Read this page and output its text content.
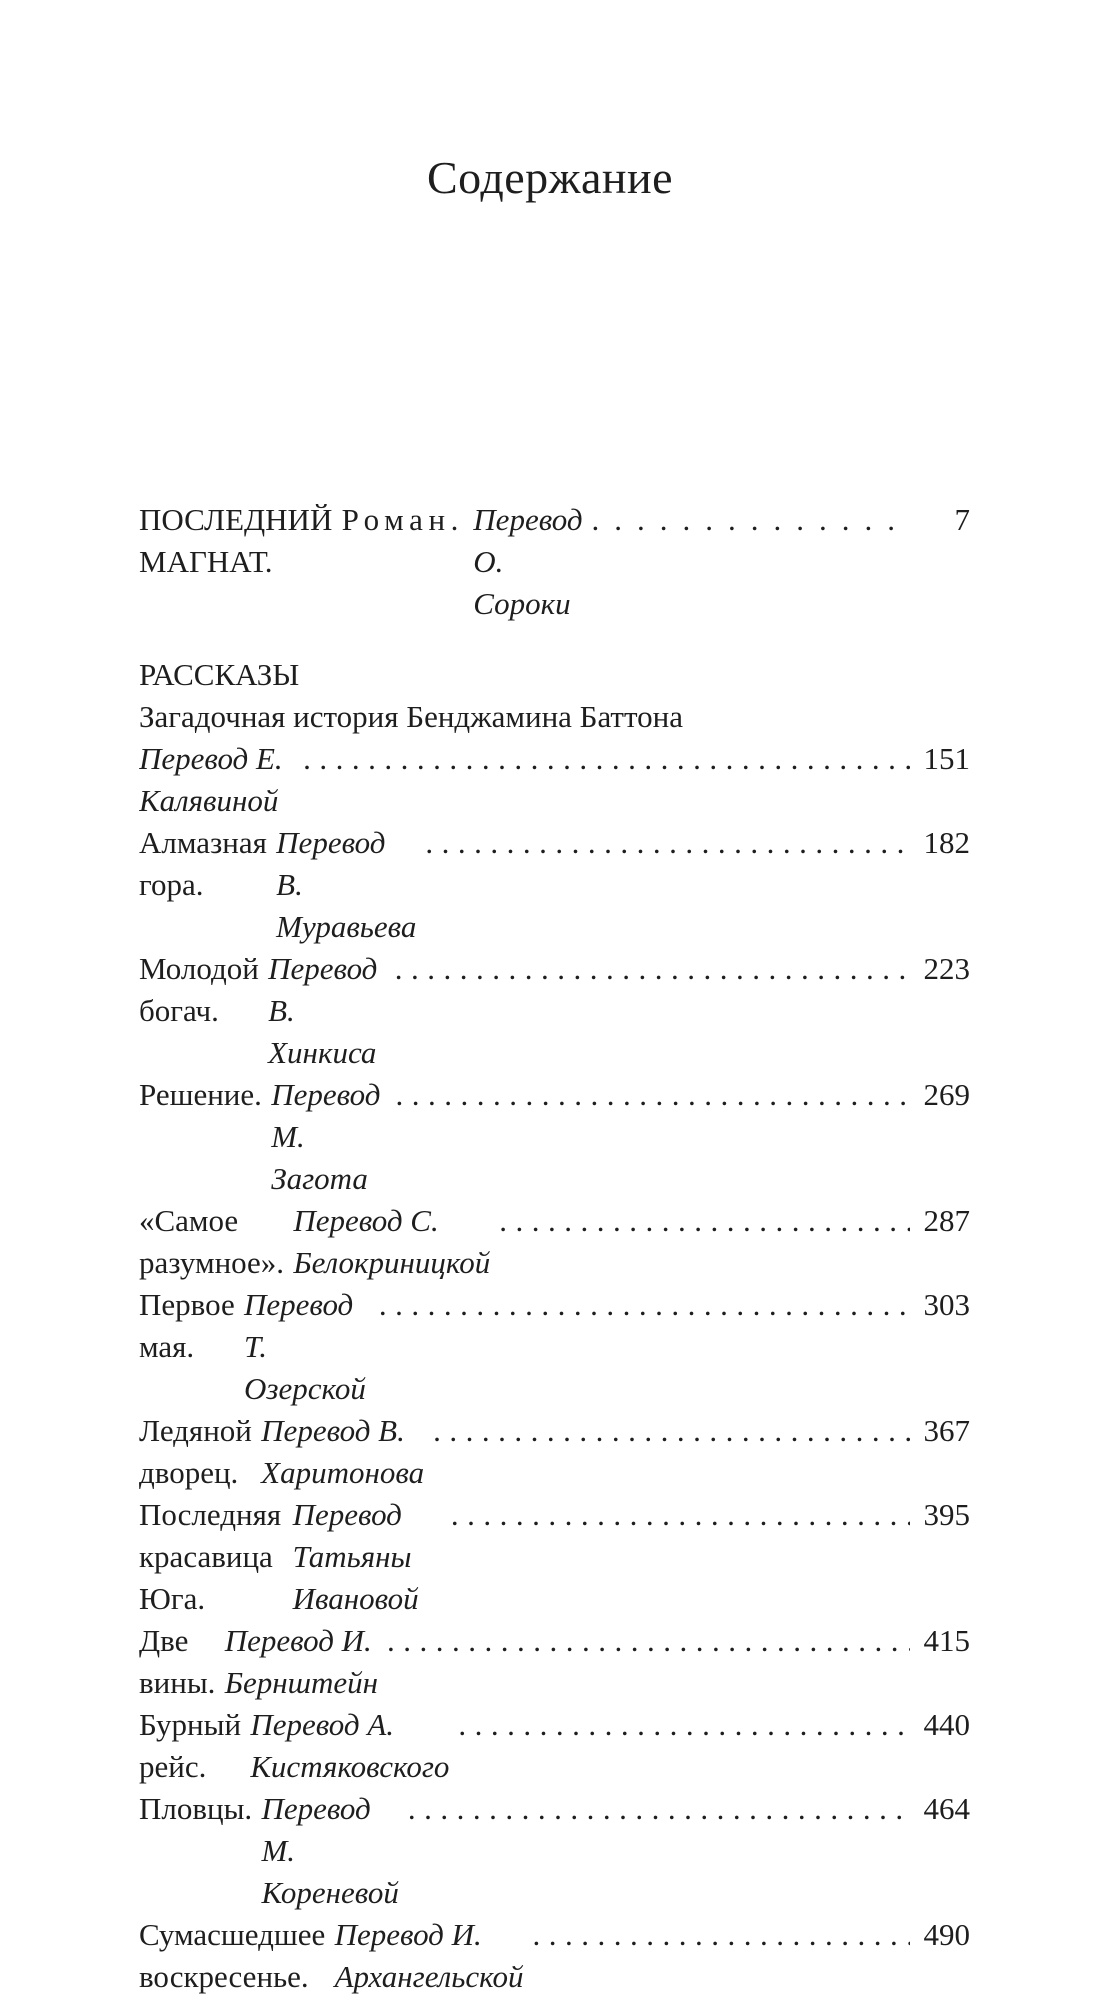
Содержание
ПОСЛЕДНИЙ МАГНАТ.
Роман. Перевод О. Сороки
.....
7
РАССКАЗЫ
Загадочная история Бенджамина Баттона
Перевод Е. Калявиной
.....
151
Алмазная гора.
Перевод В. Муравьева
.....
182
Молодой богач.
Перевод В. Хинкиса
.....
223
Решение. Перевод М. Загота
.....
269
«Самое разумное».
Перевод С. Белокриницкой
.....
287
Первое мая.
Перевод Т. Озерской
.....
303
Ледяной дворец.
Перевод В. Харитонова
.....
367
Последняя красавица Юга.
Перевод Татьяны Ивановой
.....
395
Две вины.
Перевод И. Бернштейн
.....
415
Бурный рейс.
Перевод А. Кистяковского
.....
440
Пловцы. Перевод М. Кореневой
.....
464
Сумасшедшее воскресенье.
Перевод И. Архангельской
.....
490
